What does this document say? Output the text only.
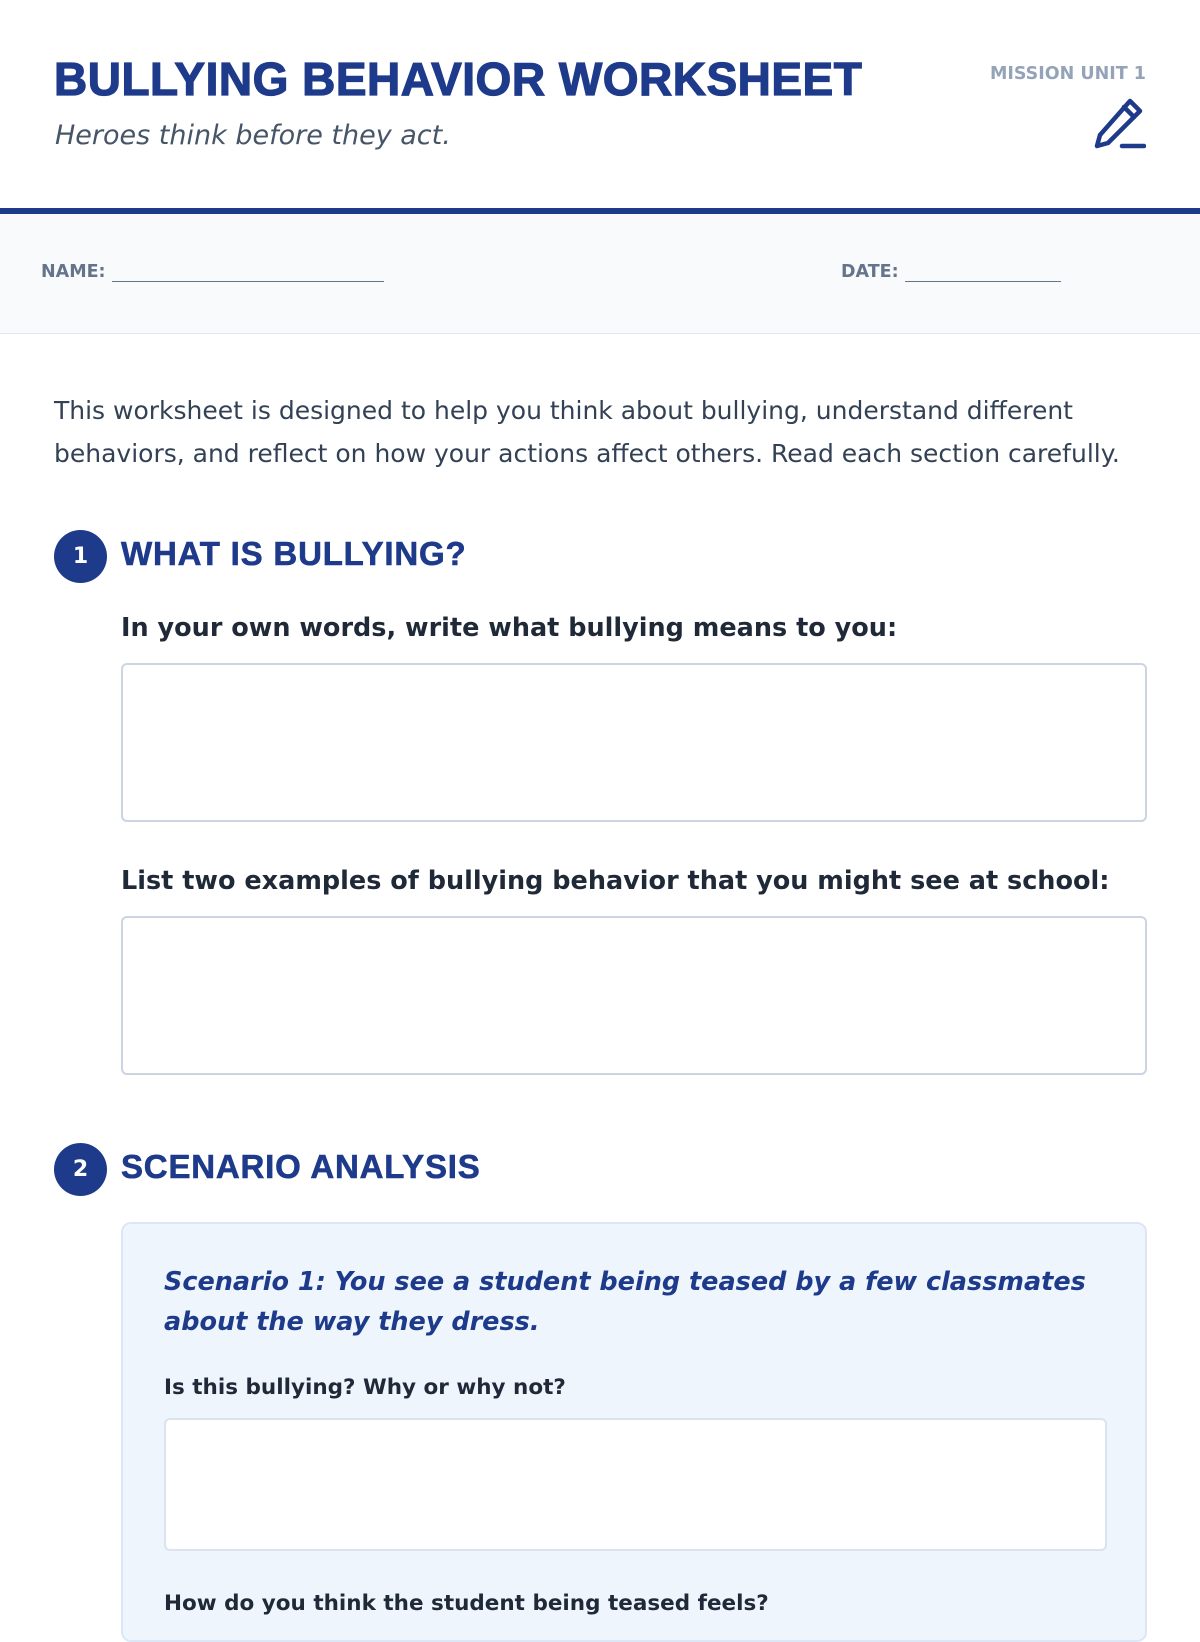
BULLYING BEHAVIOR WORKSHEET
Heroes think before they act.
MISSION UNIT 1
NAME:	DATE:

This worksheet is designed to help you think about bullying, understand different behaviors, and reflect on how your actions affect others. Read each section carefully.

1 WHAT IS BULLYING?
In your own words, write what bullying means to you:
List two examples of bullying behavior that you might see at school:
2 SCENARIO ANALYSIS

Scenario 1: You see a student being teased by a few classmates about the way they dress.

Is this bullying? Why or why not?
How do you think the student being teased feels?
